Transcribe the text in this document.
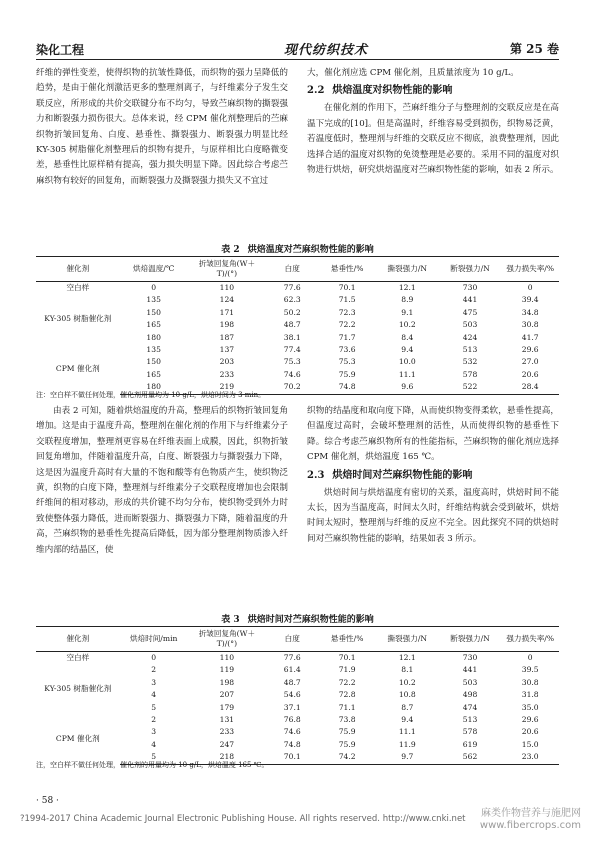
染化工程	现代纺织技术	第 25 卷

纤维的弹性变差，使得织物的抗皱性降低，而织物的强力呈降低的趋势，是由于催化剂激活更多的整理剂离子，与纤维素分子发生交联反应，所形成的共价交联键分布不均匀，导致苎麻织物的撕裂强力和断裂强力损伤很大。总体来说，经 CPM 催化剂整理后的苎麻织物折皱回复角、白度、悬垂性、撕裂强力、断裂强力明显比经 KY-305 树脂催化剂整理后的织物有提升，与原样相比白度略微变差，悬垂性比原样稍有提高，强力损失明显下降。因此综合考虑苎麻织物有较好的回复角，而断裂强力及撕裂强力损失又不宜过

大，催化剂应选 CPM 催化剂，且质量浓度为 10 g/L。

2.2 烘焙温度对织物性能的影响

在催化剂的作用下，苎麻纤维分子与整理剂的交联反应是在高温下完成的[10]。但是高温时，纤维容易受到损伤，织物易泛黄，若温度低时，整理剂与纤维的交联反应不彻底，浪费整理剂，因此选择合适的温度对织物的免烫整理是必要的。采用不同的温度对织物进行烘焙，研究烘焙温度对苎麻织物性能的影响，如表 2 所示。

表 2 烘焙温度对苎麻织物性能的影响
催化剂	烘焙温度/℃	折皱回复角(W＋T)/(°)	白度	悬垂性/%	撕裂强力/N	断裂强力/N	强力损失率/%
空白样	0	110	77.6	70.1	12.1	730	0
KY-305 树脂催化剂	135	124	62.3	71.5	8.9	441	39.4
	150	171	50.2	72.3	9.1	475	34.8
	165	198	48.7	72.2	10.2	503	30.8
	180	187	38.1	71.7	8.4	424	41.7
CPM 催化剂	135	137	77.4	73.6	9.4	513	29.6
	150	203	75.3	75.3	10.0	532	27.0
	165	233	74.6	75.9	11.1	578	20.6
	180	219	70.2	74.8	9.6	522	28.4
注：空白样不做任何处理，催化剂用量均为 10 g/L，烘焙时间为 3 min。

由表 2 可知，随着烘焙温度的升高，整理后的织物折皱回复角增加。这是由于温度升高，整理剂在催化剂的作用下与纤维素分子交联程度增加，整理剂更容易在纤维表面上成膜，因此，织物折皱回复角增加，伴随着温度升高，白度、断裂强力与撕裂强力下降，这是因为温度升高时有大量的不饱和酸等有色物质产生，使织物泛黄，织物的白度下降，整理剂与纤维素分子交联程度增加也会限制纤维间的相对移动，形成的共价键不均匀分布，使织物受到外力时致使整体强力降低，进而断裂强力、撕裂强力下降，随着温度的升高，苎麻织物的悬垂性先提高后降低，因为部分整理剂物质渗入纤维内部的结晶区，使

织物的结晶度和取向度下降，从而使织物变得柔软，悬垂性提高，但温度过高时，会破坏整理剂的活性，从而使得织物的悬垂性下降。综合考虑苎麻织物所有的性能指标，苎麻织物的催化剂应选择 CPM 催化剂，烘焙温度 165 ℃。

2.3 烘焙时间对苎麻织物性能的影响

烘焙时间与烘焙温度有密切的关系，温度高时，烘焙时间不能太长，因为当温度高，时间太久时，纤维结构就会受到破坏，烘焙时间太短时，整理剂与纤维的反应不完全。因此探究不同的烘焙时间对苎麻织物性能的影响，结果如表 3 所示。

表 3 烘焙时间对苎麻织物性能的影响
催化剂	烘焙时间/min	折皱回复角(W＋T)/(°)	白度	悬垂性/%	撕裂强力/N	断裂强力/N	强力损失率/%
空白样	0	110	77.6	70.1	12.1	730	0
KY-305 树脂催化剂	2	119	61.4	71.9	8.1	441	39.5
	3	198	48.7	72.2	10.2	503	30.8
	4	207	54.6	72.8	10.8	498	31.8
	5	179	37.1	71.1	8.7	474	35.0
CPM 催化剂	2	131	76.8	73.8	9.4	513	29.6
	3	233	74.6	75.9	11.1	578	20.6
	4	247	74.8	75.9	11.9	619	15.0
	5	218	70.1	74.2	9.7	562	23.0
注，空白样不做任何处理，催化剂的用量均为 10 g/L，烘焙温度 165 ℃。
· 58 ·
?1994-2017 China Academic Journal Electronic Publishing House. All rights reserved. http://www.cnki.net 麻类作物营养与施肥网
www.fibercrops.com
